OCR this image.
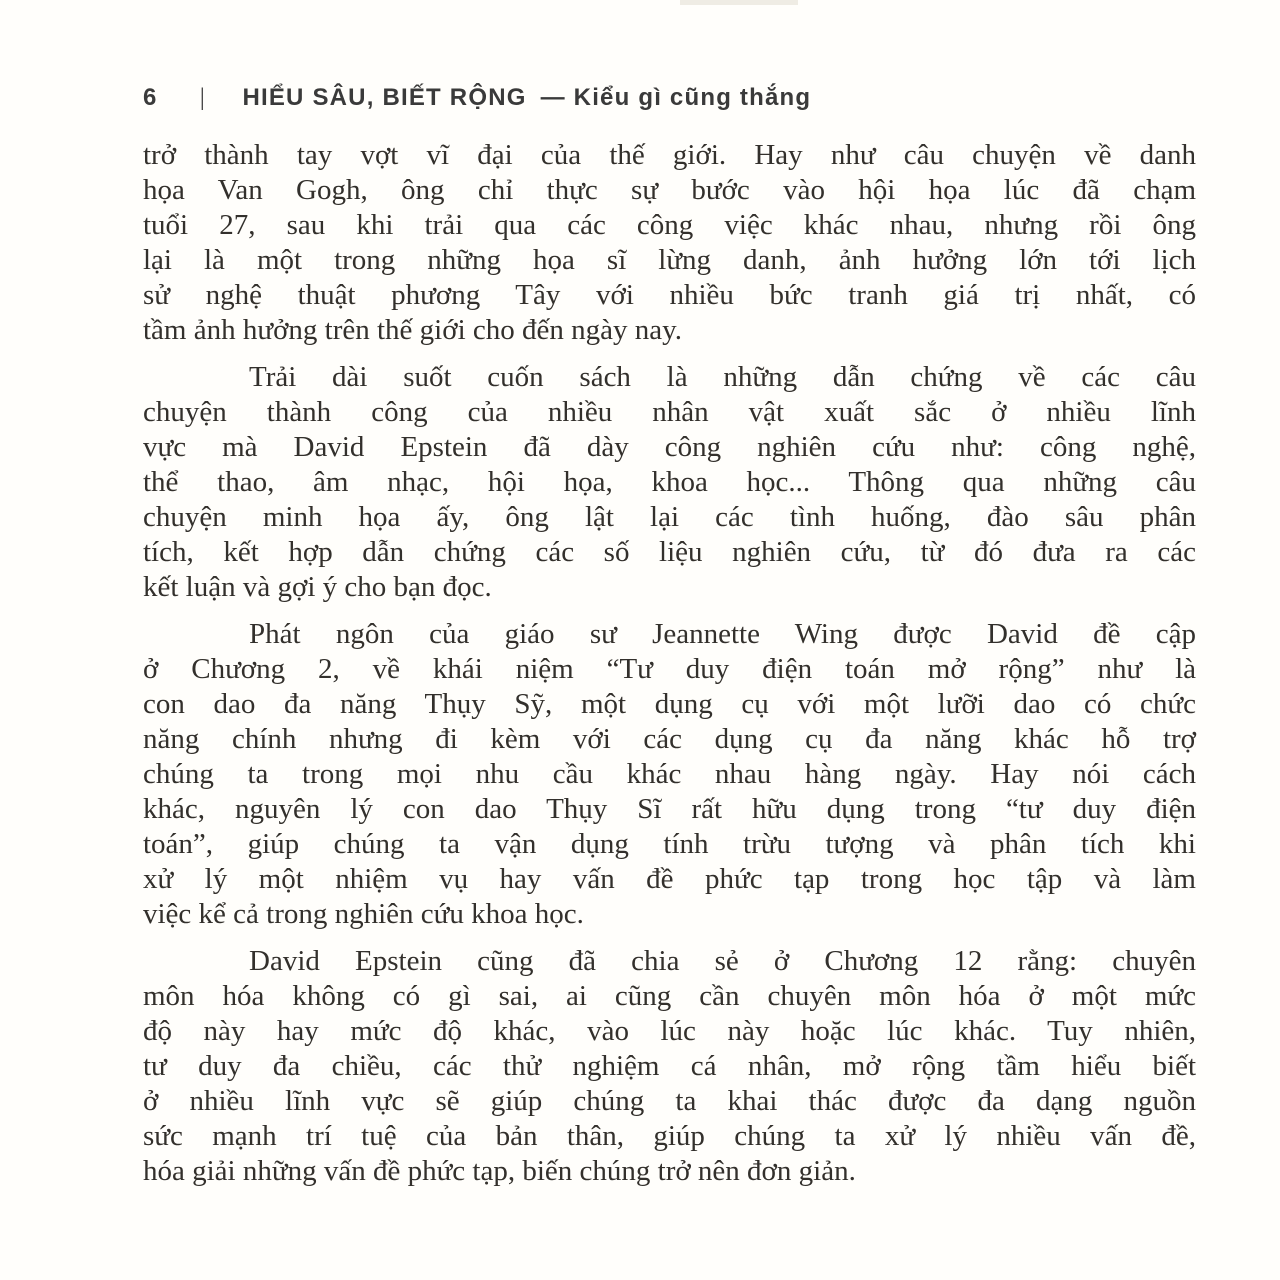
6	| HIỂU SÂU, BIẾT RỘNG — Kiểu gì cũng thắng
trở thành tay vợt vĩ đại của thế giới. Hay như câu chuyện về danh
họa Van Gogh, ông chỉ thực sự bước vào hội họa lúc đã chạm
tuổi 27, sau khi trải qua các công việc khác nhau, nhưng rồi ông
lại là một trong những họa sĩ lừng danh, ảnh hưởng lớn tới lịch
sử nghệ thuật phương Tây với nhiều bức tranh giá trị nhất, có
tầm ảnh hưởng trên thế giới cho đến ngày nay.
Trải dài suốt cuốn sách là những dẫn chứng về các câu
chuyện thành công của nhiều nhân vật xuất sắc ở nhiều lĩnh
vực mà David Epstein đã dày công nghiên cứu như: công nghệ,
thể thao, âm nhạc, hội họa, khoa học... Thông qua những câu
chuyện minh họa ấy, ông lật lại các tình huống, đào sâu phân
tích, kết hợp dẫn chứng các số liệu nghiên cứu, từ đó đưa ra các
kết luận và gợi ý cho bạn đọc.
Phát ngôn của giáo sư Jeannette Wing được David đề cập
ở Chương 2, về khái niệm “Tư duy điện toán mở rộng” như là
con dao đa năng Thụy Sỹ, một dụng cụ với một lưỡi dao có chức
năng chính nhưng đi kèm với các dụng cụ đa năng khác hỗ trợ
chúng ta trong mọi nhu cầu khác nhau hàng ngày. Hay nói cách
khác, nguyên lý con dao Thụy Sĩ rất hữu dụng trong “tư duy điện
toán”, giúp chúng ta vận dụng tính trừu tượng và phân tích khi
xử lý một nhiệm vụ hay vấn đề phức tạp trong học tập và làm
việc kể cả trong nghiên cứu khoa học.
David Epstein cũng đã chia sẻ ở Chương 12 rằng: chuyên
môn hóa không có gì sai, ai cũng cần chuyên môn hóa ở một mức
độ này hay mức độ khác, vào lúc này hoặc lúc khác. Tuy nhiên,
tư duy đa chiều, các thử nghiệm cá nhân, mở rộng tầm hiểu biết
ở nhiều lĩnh vực sẽ giúp chúng ta khai thác được đa dạng nguồn
sức mạnh trí tuệ của bản thân, giúp chúng ta xử lý nhiều vấn đề,
hóa giải những vấn đề phức tạp, biến chúng trở nên đơn giản.
